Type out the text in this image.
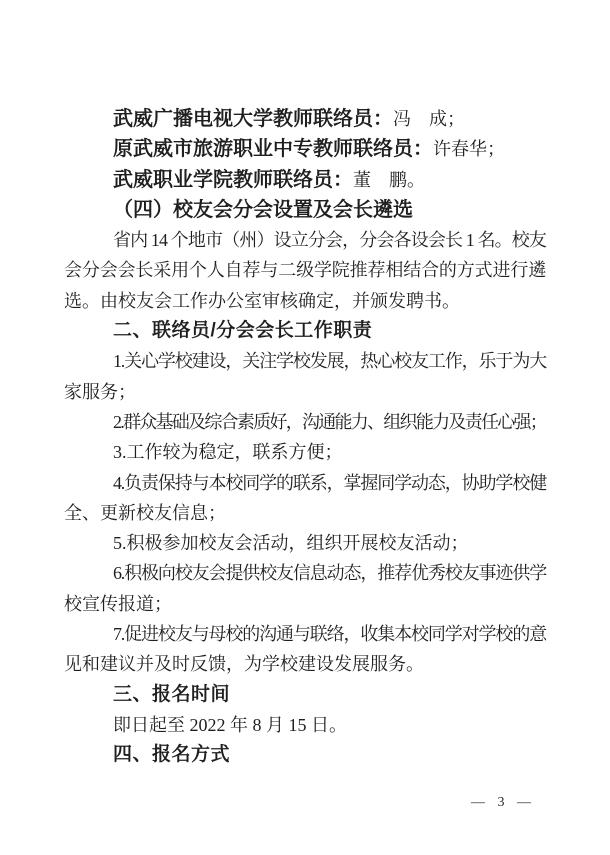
武威广播电视大学教师联络员：冯　成；
原武威市旅游职业中专教师联络员：许春华；
武威职业学院教师联络员：董　鹏。
（四）校友会分会设置及会长遴选
省内 14 个地市（州）设立分会，分会各设会长 1 名。校友
会分会会长采用个人自荐与二级学院推荐相结合的方式进行遴
选。由校友会工作办公室审核确定，并颁发聘书。
二、联络员/分会会长工作职责
1.关心学校建设，关注学校发展，热心校友工作，乐于为大
家服务；
2.群众基础及综合素质好，沟通能力、组织能力及责任心强；
3.工作较为稳定，联系方便；
4.负责保持与本校同学的联系，掌握同学动态，协助学校健
全、更新校友信息；
5.积极参加校友会活动，组织开展校友活动；
6.积极向校友会提供校友信息动态，推荐优秀校友事迹供学
校宣传报道；
7.促进校友与母校的沟通与联络，收集本校同学对学校的意
见和建议并及时反馈，为学校建设发展服务。
三、报名时间
即日起至 2022 年 8 月 15 日。
四、报名方式
— 3 —
